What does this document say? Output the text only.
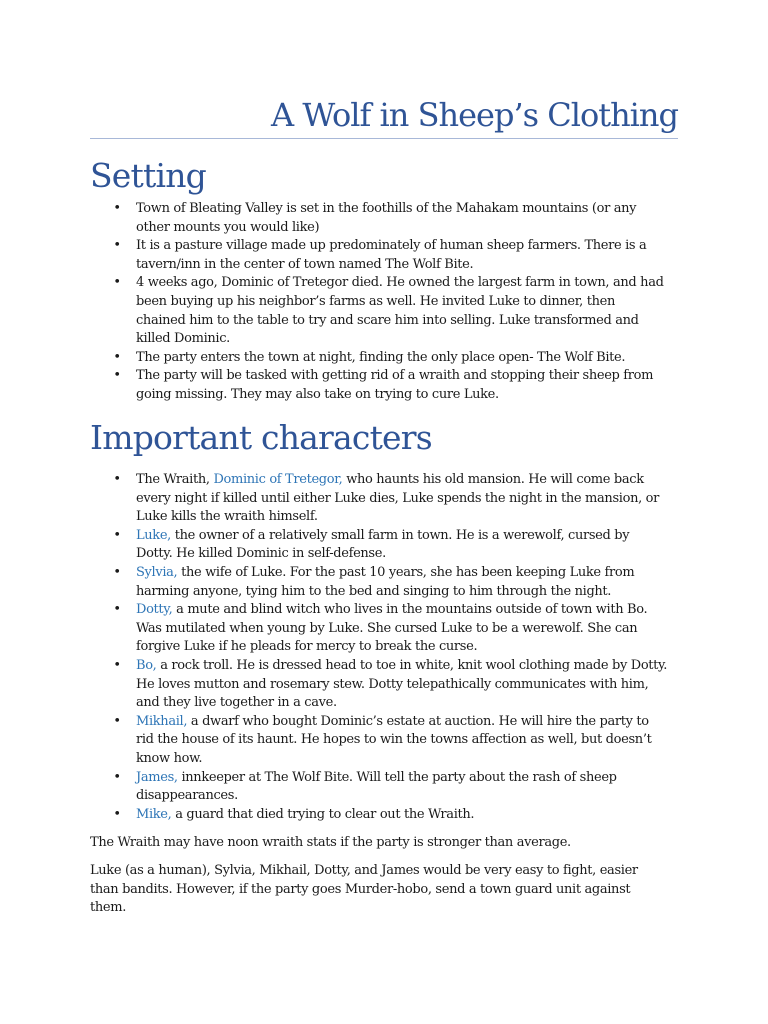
A Wolf in Sheep’s Clothing
Setting
• Town of Bleating Valley is set in the foothills of the Mahakam mountains (or any
other mounts you would like)
• It is a pasture village made up predominately of human sheep farmers. There is a
tavern/inn in the center of town named The Wolf Bite.
• 4 weeks ago, Dominic of Tretegor died. He owned the largest farm in town, and had
been buying up his neighbor’s farms as well. He invited Luke to dinner, then
chained him to the table to try and scare him into selling. Luke transformed and
killed Dominic.
• The party enters the town at night, finding the only place open- The Wolf Bite.
• The party will be tasked with getting rid of a wraith and stopping their sheep from
going missing. They may also take on trying to cure Luke.
Important characters
• The Wraith, Dominic of Tretegor, who haunts his old mansion. He will come back
every night if killed until either Luke dies, Luke spends the night in the mansion, or
Luke kills the wraith himself.
• Luke, the owner of a relatively small farm in town. He is a werewolf, cursed by
Dotty. He killed Dominic in self-defense.
• Sylvia, the wife of Luke. For the past 10 years, she has been keeping Luke from
harming anyone, tying him to the bed and singing to him through the night.
• Dotty, a mute and blind witch who lives in the mountains outside of town with Bo.
Was mutilated when young by Luke. She cursed Luke to be a werewolf. She can
forgive Luke if he pleads for mercy to break the curse.
• Bo, a rock troll. He is dressed head to toe in white, knit wool clothing made by Dotty.
He loves mutton and rosemary stew. Dotty telepathically communicates with him,
and they live together in a cave.
• Mikhail, a dwarf who bought Dominic’s estate at auction. He will hire the party to
rid the house of its haunt. He hopes to win the towns affection as well, but doesn’t
know how.
• James, innkeeper at The Wolf Bite. Will tell the party about the rash of sheep
disappearances.
• Mike, a guard that died trying to clear out the Wraith.

The Wraith may have noon wraith stats if the party is stronger than average.

Luke (as a human), Sylvia, Mikhail, Dotty, and James would be very easy to fight, easier
than bandits. However, if the party goes Murder-hobo, send a town guard unit against
them.
